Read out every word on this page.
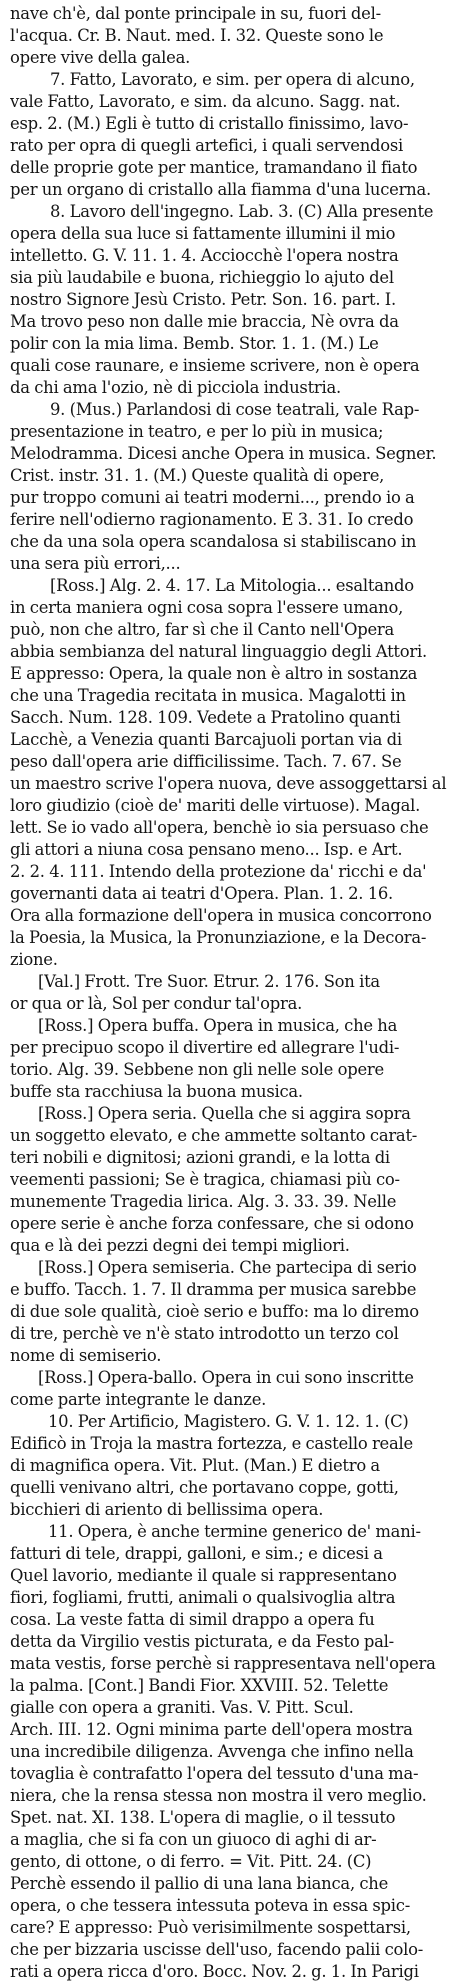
nave ch'è, dal ponte principale in su, fuori del-
l'acqua. Cr. B. Naut. med. I. 32. Queste sono le
opere vive della galea.
7. Fatto, Lavorato, e sim. per opera di alcuno,
vale Fatto, Lavorato, e sim. da alcuno. Sagg. nat.
esp. 2. (M.) Egli è tutto di cristallo finissimo, lavo-
rato per opra di quegli artefici, i quali servendosi
delle proprie gote per mantice, tramandano il fiato
per un organo di cristallo alla fiamma d'una lucerna.
8. Lavoro dell'ingegno. Lab. 3. (C) Alla presente
opera della sua luce si fattamente illumini il mio
intelletto. G. V. 11. 1. 4. Acciocchè l'opera nostra
sia più laudabile e buona, richieggio lo ajuto del
nostro Signore Jesù Cristo. Petr. Son. 16. part. I.
Ma trovo peso non dalle mie braccia, Nè ovra da
polir con la mia lima. Bemb. Stor. 1. 1. (M.) Le
quali cose raunare, e insieme scrivere, non è opera
da chi ama l'ozio, nè di picciola industria.
9. (Mus.) Parlandosi di cose teatrali, vale Rap-
presentazione in teatro, e per lo più in musica;
Melodramma. Dicesi anche Opera in musica. Segner.
Crist. instr. 31. 1. (M.) Queste qualità di opere,
pur troppo comuni ai teatri moderni..., prendo io a
ferire nell'odierno ragionamento. E 3. 31. Io credo
che da una sola opera scandalosa si stabiliscano in
una sera più errori,...
[Ross.] Alg. 2. 4. 17. La Mitologia... esaltando
in certa maniera ogni cosa sopra l'essere umano,
può, non che altro, far sì che il Canto nell'Opera
abbia sembianza del natural linguaggio degli Attori.
E appresso: Opera, la quale non è altro in sostanza
che una Tragedia recitata in musica. Magalotti in
Sacch. Num. 128. 109. Vedete a Pratolino quanti
Lacchè, a Venezia quanti Barcajuoli portan via di
peso dall'opera arie difficilissime. Tach. 7. 67. Se
un maestro scrive l'opera nuova, deve assoggettarsi al
loro giudizio (cioè de' mariti delle virtuose). Magal.
lett. Se io vado all'opera, benchè io sia persuaso che
gli attori a niuna cosa pensano meno... Isp. e Art.
2. 2. 4. 111. Intendo della protezione da' ricchi e da'
governanti data ai teatri d'Opera. Plan. 1. 2. 16.
Ora alla formazione dell'opera in musica concorrono
la Poesia, la Musica, la Pronunziazione, e la Decora-
zione.
[Val.] Frott. Tre Suor. Etrur. 2. 176. Son ita
or qua or là, Sol per condur tal'opra.
[Ross.] Opera buffa. Opera in musica, che ha
per precipuo scopo il divertire ed allegrare l'udi-
torio. Alg. 39. Sebbene non gli nelle sole opere
buffe sta racchiusa la buona musica.
[Ross.] Opera seria. Quella che si aggira sopra
un soggetto elevato, e che ammette soltanto carat-
teri nobili e dignitosi; azioni grandi, e la lotta di
veementi passioni; Se è tragica, chiamasi più co-
munemente Tragedia lirica. Alg. 3. 33. 39. Nelle
opere serie è anche forza confessare, che si odono
qua e là dei pezzi degni dei tempi migliori.
[Ross.] Opera semiseria. Che partecipa di serio
e buffo. Tacch. 1. 7. Il dramma per musica sarebbe
di due sole qualità, cioè serio e buffo: ma lo diremo
di tre, perchè ve n'è stato introdotto un terzo col
nome di semiserio.
[Ross.] Opera-ballo. Opera in cui sono inscritte
come parte integrante le danze.
10. Per Artificio, Magistero. G. V. 1. 12. 1. (C)
Edificò in Troja la mastra fortezza, e castello reale
di magnifica opera. Vit. Plut. (Man.) E dietro a
quelli venivano altri, che portavano coppe, gotti,
bicchieri di ariento di bellissima opera.
11. Opera, è anche termine generico de' mani-
fatturi di tele, drappi, galloni, e sim.; e dicesi a
Quel lavorio, mediante il quale si rappresentano
fiori, fogliami, frutti, animali o qualsivoglia altra
cosa. La veste fatta di simil drappo a opera fu
detta da Virgilio vestis picturata, e da Festo pal-
mata vestis, forse perchè si rappresentava nell'opera
la palma. [Cont.] Bandi Fior. XXVIII. 52. Telette
gialle con opera a graniti. Vas. V. Pitt. Scul.
Arch. III. 12. Ogni minima parte dell'opera mostra
una incredibile diligenza. Avvenga che infino nella
tovaglia è contrafatto l'opera del tessuto d'una ma-
niera, che la rensa stessa non mostra il vero meglio.
Spet. nat. XI. 138. L'opera di maglie, o il tessuto
a maglia, che si fa con un giuoco di aghi di ar-
gento, di ottone, o di ferro. = Vit. Pitt. 24. (C)
Perchè essendo il pallio di una lana bianca, che
opera, o che tessera intessuta poteva in essa spic-
care? E appresso: Può verisimilmente sospettarsi,
che per bizzaria uscisse dell'uso, facendo palii colo-
rati a opera ricca d'oro. Bocc. Nov. 2. g. 1. In Parigi
